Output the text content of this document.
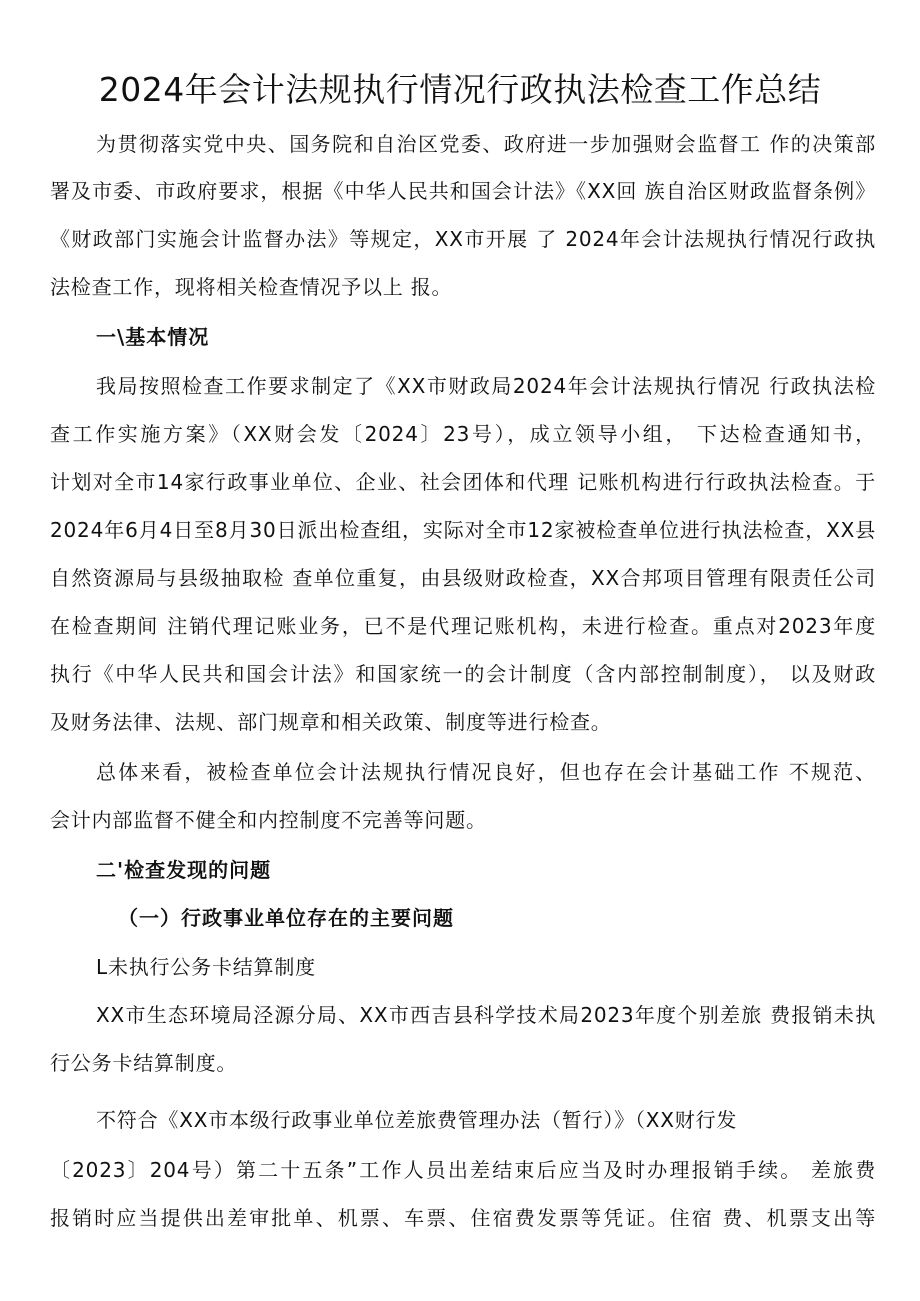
2024年会计法规执行情况行政执法检查工作总结
为贯彻落实党中央、国务院和自治区党委、政府进一步加强财会监督工 作的决策部
署及市委、市政府要求，根据《中华人民共和国会计法》《XX回 族自治区财政监督条例》
《财政部门实施会计监督办法》等规定，XX市开展 了 2024年会计法规执行情况行政执
法检查工作，现将相关检查情况予以上 报。
一\基本情况
我局按照检查工作要求制定了《XX市财政局2024年会计法规执行情况 行政执法检
查工作实施方案》（XX财会发〔2024〕23号），成立领导小组， 下达检查通知书，
计划对全市14家行政事业单位、企业、社会团体和代理 记账机构进行行政执法检查。于
2024年6月4日至8月30日派出检查组，实际对全市12家被检查单位进行执法检查，XX县
自然资源局与县级抽取检 查单位重复，由县级财政检查，XX合邦项目管理有限责任公司
在检查期间 注销代理记账业务，已不是代理记账机构，未进行检查。重点对2023年度
执行《中华人民共和国会计法》和国家统一的会计制度（含内部控制制度）， 以及财政
及财务法律、法规、部门规章和相关政策、制度等进行检查。
总体来看，被检查单位会计法规执行情况良好，但也存在会计基础工作 不规范、
会计内部监督不健全和内控制度不完善等问题。
二'检查发现的问题
（一）行政事业单位存在的主要问题
L未执行公务卡结算制度
XX市生态环境局泾源分局、XX市西吉县科学技术局2023年度个别差旅 费报销未执
行公务卡结算制度。
不符合《XX市本级行政事业单位差旅费管理办法（暂行）》（XX财行发
〔2023〕204号）第二十五条”工作人员出差结束后应当及时办理报销手续。 差旅费
报销时应当提供出差审批单、机票、车票、住宿费发票等凭证。住宿 费、机票支出等
